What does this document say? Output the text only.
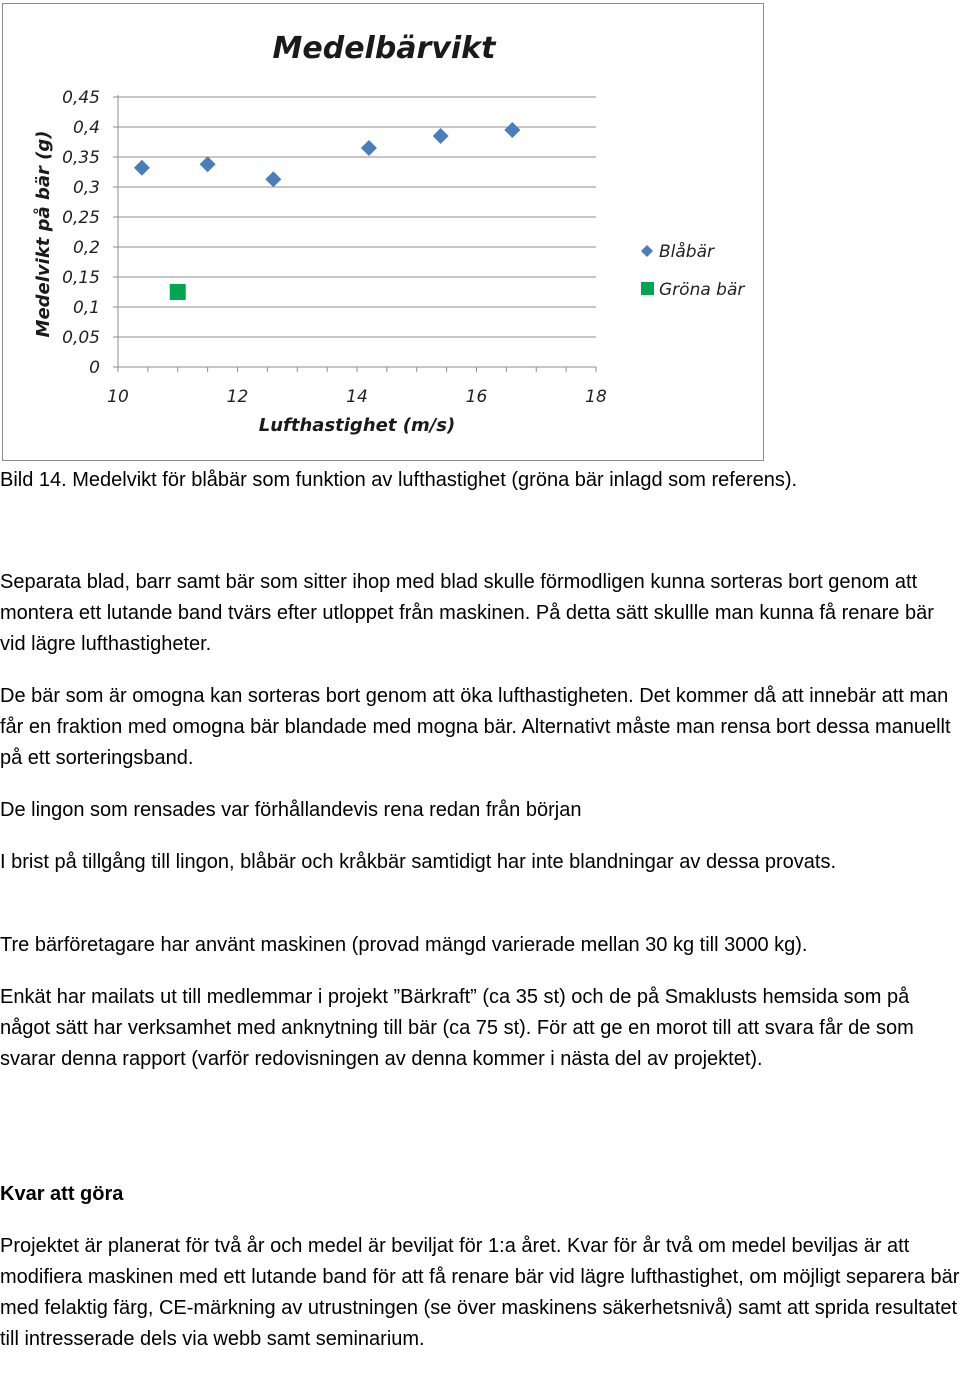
Medelbärvikt
0
0,05
0,1
0,15
0,2
0,25
0,3
0,35
0,4
0,45
10	12	14	16	18
Lufthastighet (m/s)
Medelvikt på bär (g)	Blåbär
Gröna bär
Bild 14. Medelvikt för blåbär som funktion av lufthastighet (gröna bär inlagd som referens).

Separata blad, barr samt bär som sitter ihop med blad skulle förmodligen kunna sorteras bort genom att montera ett lutande band tvärs efter utloppet från maskinen. På detta sätt skullle man kunna få renare bär vid lägre lufthastigheter.

De bär som är omogna kan sorteras bort genom att öka lufthastigheten. Det kommer då att innebär att man får en fraktion med omogna bär blandade med mogna bär. Alternativt måste man rensa bort dessa manuellt på ett sorteringsband.

De lingon som rensades var förhållandevis rena redan från början

I brist på tillgång till lingon, blåbär och kråkbär samtidigt har inte blandningar av dessa provats.

Tre bärföretagare har använt maskinen (provad mängd varierade mellan 30 kg till 3000 kg).

Enkät har mailats ut till medlemmar i projekt ”Bärkraft” (ca 35 st) och de på Smaklusts hemsida som på något sätt har verksamhet med anknytning till bär (ca 75 st). För att ge en morot till att svara får de som svarar denna rapport (varför redovisningen av denna kommer i nästa del av projektet).

Kvar att göra

Projektet är planerat för två år och medel är beviljat för 1:a året. Kvar för år två om medel beviljas är att modifiera maskinen med ett lutande band för att få renare bär vid lägre lufthastighet, om möjligt separera bär med felaktig färg, CE-märkning av utrustningen (se över maskinens säkerhetsnivå) samt att sprida resultatet till intresserade dels via webb samt seminarium.
